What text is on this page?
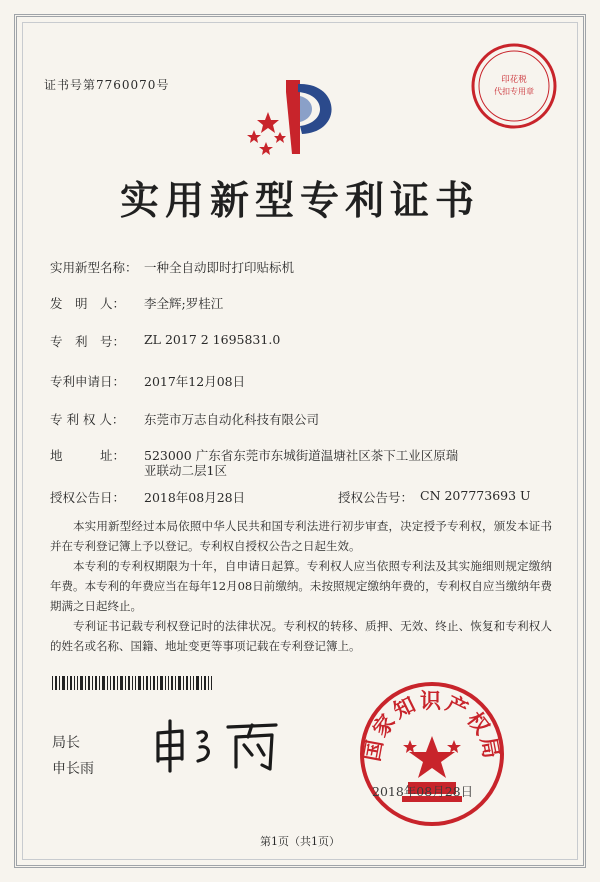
证书号第7760070号	印花税
代扣专用章
实用新型专利证书
实用新型名称： 一种全自动即时打印贴标机
发　明　人： 李全辉;罗桂江
专　利　号： ZL 2017 2 1695831.0
专利申请日： 2017年12月08日
专 利 权 人： 东莞市万志自动化科技有限公司
地　　　址： 523000 广东省东莞市东城街道温塘社区茶下工业区原瑞
亚联动二层1区
授权公告日： 2018年08月28日	授权公告号： CN 207773693 U
本实用新型经过本局依照中华人民共和国专利法进行初步审查，决定授予专利权，颁发本证书并在专利登记簿上予以登记。专利权自授权公告之日起生效。
本专利的专利权期限为十年，自申请日起算。专利权人应当依照专利法及其实施细则规定缴纳年费。本专利的年费应当在每年12月08日前缴纳。未按照规定缴纳年费的，专利权自应当缴纳年费期满之日起终止。
专利证书记载专利权登记时的法律状况。专利权的转移、质押、无效、终止、恢复和专利权人的姓名或名称、国籍、地址变更等事项记载在专利登记簿上。
局长
申长雨
国家知识产权局
2018年08月28日
第1页（共1页）
